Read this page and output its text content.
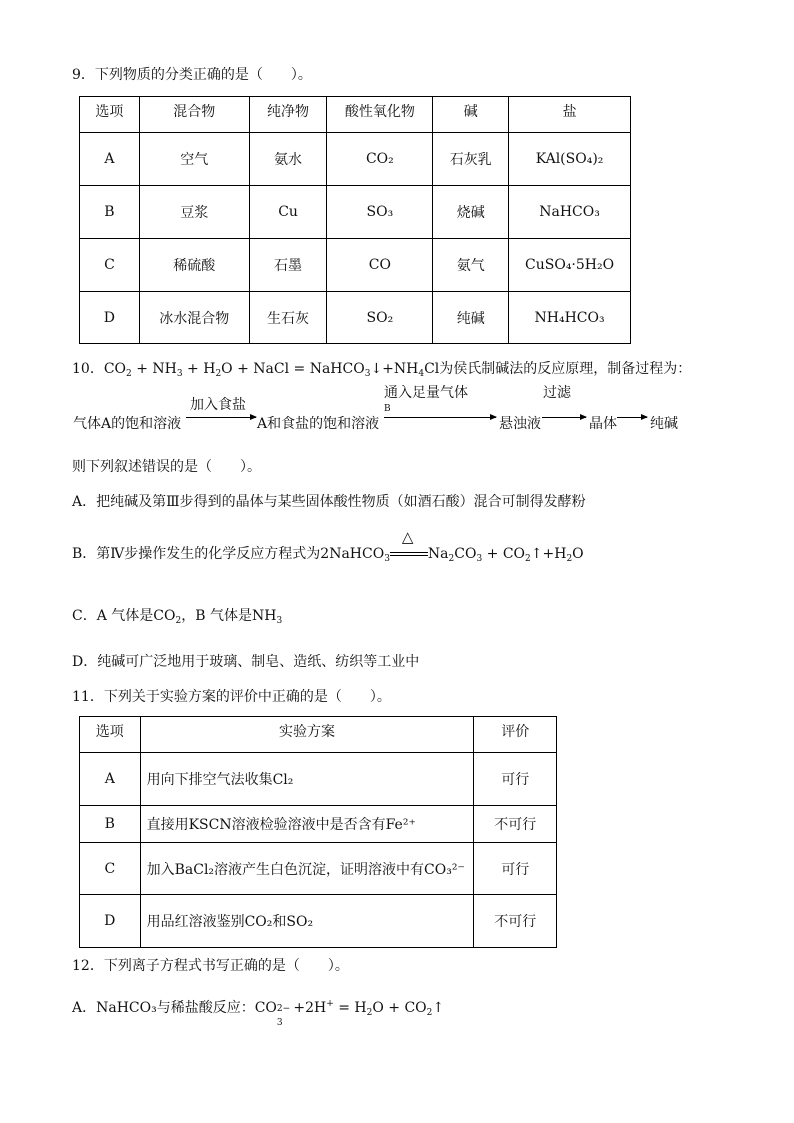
9．下列物质的分类正确的是（　　）。
选项	混合物	纯净物	酸性氧化物	碱	盐
A	空气	氨水	CO₂	石灰乳	KAl(SO₄)₂
B	豆浆	Cu	SO₃	烧碱	NaHCO₃
C	稀硫酸	石墨	CO	氨气	CuSO₄·5H₂O
D	冰水混合物	生石灰	SO₂	纯碱	NH₄HCO₃
10．$CO_2 + NH_3 + H_2O$ + NaCl = $NaHCO_3↓+NH_4Cl$为侯氏制碱法的反应原理，制备过程为：
气体A的饱和溶液
加入食盐
A和食盐的饱和溶液
通入足量气体
B
悬浊液
过滤
晶体 纯碱
则下列叙述错误的是（　　）。
A．把纯碱及第Ⅲ步得到的晶体与某些固体酸性物质（如酒石酸）混合可制得发酵粉
B．第Ⅳ步操作发生的化学反应方程式为2NaHCO$_3$
△
$Na_2CO_3$ + $CO_2↑+H_2O$
C．A 气体是$CO_2$，B 气体是$NH_3$
D．纯碱可广泛地用于玻璃、制皂、造纸、纺织等工业中
11．下列关于实验方案的评价中正确的是（　　）。
选项	实验方案	评价
A	用向下排空气法收集Cl₂	可行
B	直接用KSCN溶液检验溶液中是否含有Fe²⁺	不可行
C	加入BaCl₂溶液产生白色沉淀，证明溶液中有CO₃²⁻	可行
D	用品红溶液鉴别CO₂和SO₂	不可行
12．下列离子方程式书写正确的是（　　）。
A．NaHCO₃与稀盐酸反应：CO 2−
3
$+2H^+ = H_2O$ + $CO_2↑$
